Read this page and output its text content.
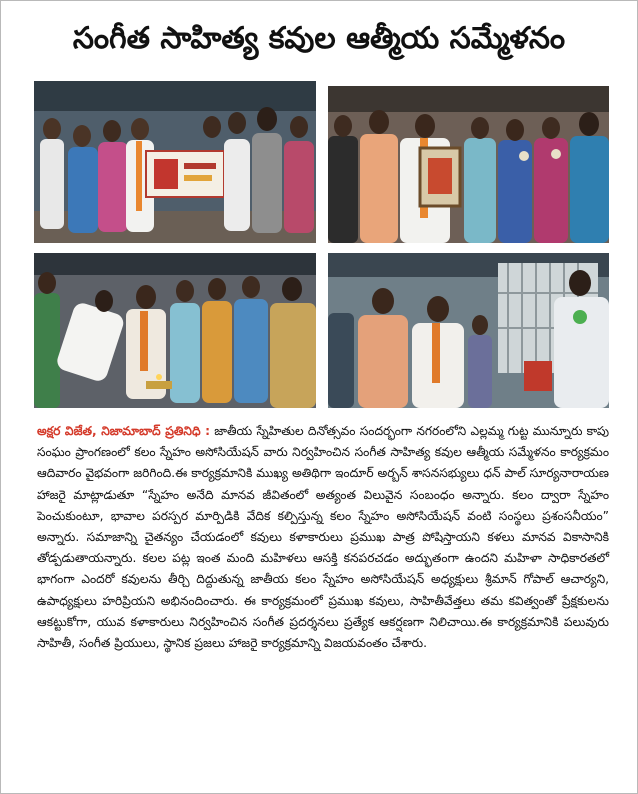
సంగీత సాహిత్య కవుల ఆత్మీయ సమ్మేళనం
అక్షర విజేత, నిజామాబాద్ ప్రతినిధి : జాతీయ స్నేహితుల దినోత్సవం సందర్భంగా నగరంలోని ఎల్లమ్మ గుట్ట మున్నూరు కాపు సంఘం ప్రాంగణంలో కలం స్నేహం అసోసియేషన్ వారు నిర్వహించిన సంగీత సాహిత్య కవుల ఆత్మీయ సమ్మేళనం కార్యక్రమం ఆదివారం వైభవంగా జరిగింది.ఈ కార్యక్రమానికి ముఖ్య అతిథిగా ఇందూర్ అర్బన్ శాసనసభ్యులు ధన్ పాల్ సూర్యనారాయణ హాజరై మాట్లాడుతూ “స్నేహం అనేది మానవ జీవితంలో అత్యంత విలువైన సంబంధం అన్నారు. కలం ద్వారా స్నేహం పెంచుకుంటూ, భావాల పరస్పర మార్పిడికి వేదిక కల్పిస్తున్న కలం స్నేహం అసోసియేషన్ వంటి సంస్థలు ప్రశంసనీయం” అన్నారు. సమాజాన్ని చైతన్యం చేయడంలో కవులు కళాకారులు ప్రముఖ పాత్ర పోషిస్తాయని కళలు మానవ వికాసానికి తోడ్పడుతాయన్నారు. కలల పట్ల ఇంత మంది మహిళలు ఆసక్తి కనపరచడం అద్భుతంగా ఉందని మహిళా సాధికారతలో భాగంగా ఎందరో కవులను తీర్చి దిద్దుతున్న జాతీయ కలం స్నేహం అసోసియేషన్ అధ్యక్షులు శ్రీమాన్ గోపాల్ ఆచార్యని, ఉపాధ్యక్షులు హరిప్రియని అభినందించారు. ఈ కార్యక్రమంలో ప్రముఖ కవులు, సాహితీవేత్తలు తమ కవిత్వంతో ప్రేక్షకులను ఆకట్టుకోగా, యువ కళాకారులు నిర్వహించిన సంగీత ప్రదర్శనలు ప్రత్యేక ఆకర్షణగా నిలిచాయి.ఈ కార్యక్రమానికి పలువురు సాహితీ, సంగీత ప్రియులు, స్థానిక ప్రజలు హాజరై కార్యక్రమాన్ని విజయవంతం చేశారు.
